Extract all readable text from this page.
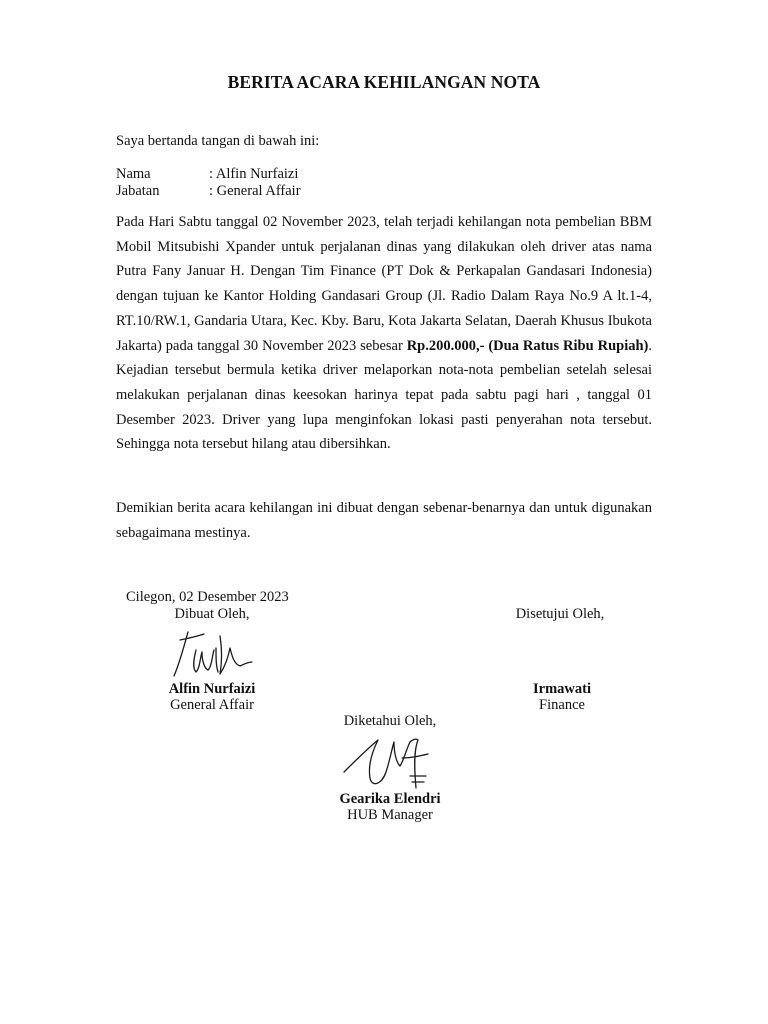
BERITA ACARA KEHILANGAN NOTA
Saya bertanda tangan di bawah ini:
Nama	: Alfin Nurfaizi
Jabatan	: General Affair
Pada Hari Sabtu tanggal 02 November 2023, telah terjadi kehilangan nota pembelian BBM Mobil Mitsubishi Xpander untuk perjalanan dinas yang dilakukan oleh driver atas nama Putra Fany Januar H. Dengan Tim Finance (PT Dok & Perkapalan Gandasari Indonesia) dengan tujuan ke Kantor Holding Gandasari Group (Jl. Radio Dalam Raya No.9 A lt.1-4, RT.10/RW.1, Gandaria Utara, Kec. Kby. Baru, Kota Jakarta Selatan, Daerah Khusus Ibukota Jakarta) pada tanggal 30 November 2023 sebesar Rp.200.000,- (Dua Ratus Ribu Rupiah). Kejadian tersebut bermula ketika driver melaporkan nota-nota pembelian setelah selesai melakukan perjalanan dinas keesokan harinya tepat pada sabtu pagi hari , tanggal 01 Desember 2023. Driver yang lupa menginfokan lokasi pasti penyerahan nota tersebut. Sehingga nota tersebut hilang atau dibersihkan.
Demikian berita acara kehilangan ini dibuat dengan sebenar-benarnya dan untuk digunakan sebagaimana mestinya.
Cilegon, 02 Desember 2023
Dibuat Oleh,	Disetujui Oleh,
Alfin Nurfaizi
General Affair
Irmawati
Finance
Diketahui Oleh,
Gearika Elendri
HUB Manager
